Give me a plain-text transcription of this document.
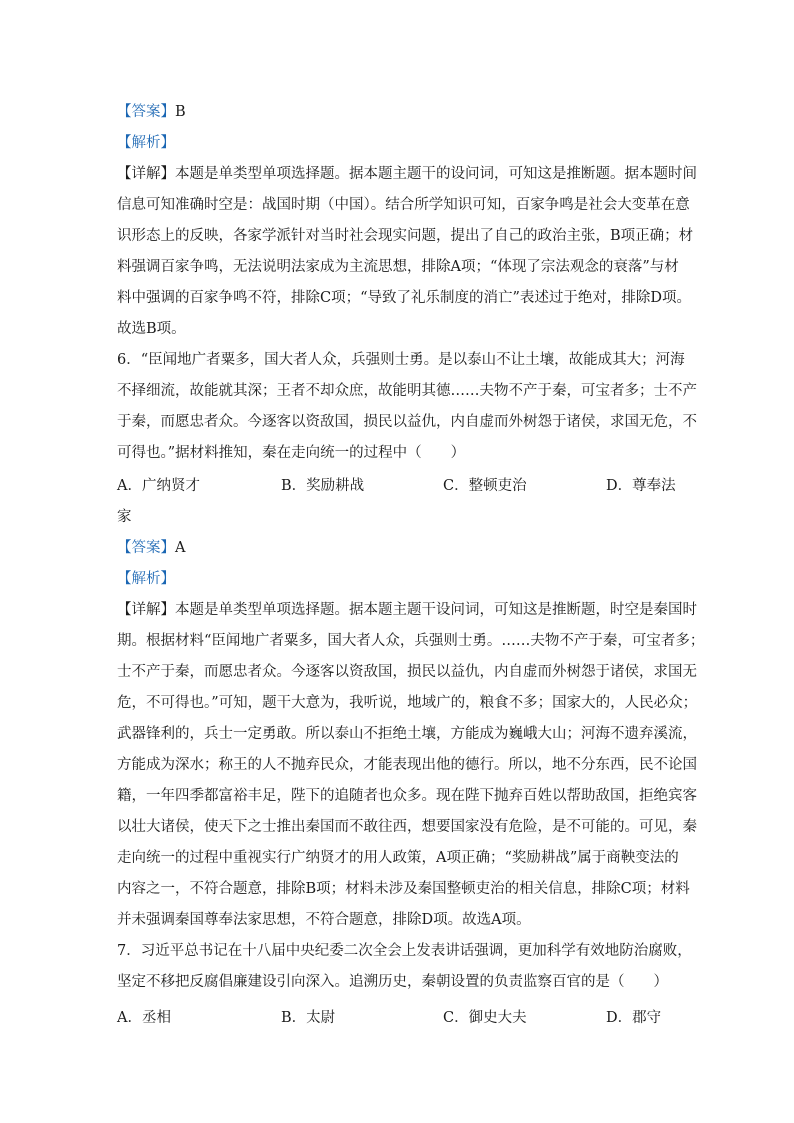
【答案】B
【解析】
【详解】本题是单类型单项选择题。据本题主题干的设问词，可知这是推断题。据本题时间
信息可知准确时空是：战国时期（中国）。结合所学知识可知，百家争鸣是社会大变革在意
识形态上的反映，各家学派针对当时社会现实问题，提出了自己的政治主张，B项正确；材
料强调百家争鸣，无法说明法家成为主流思想，排除A项；“体现了宗法观念的衰落”与材
料中强调的百家争鸣不符，排除C项；“导致了礼乐制度的消亡”表述过于绝对，排除D项。
故选B项。
6．“臣闻地广者粟多，国大者人众，兵强则士勇。是以泰山不让土壤，故能成其大；河海
不择细流，故能就其深；王者不却众庶，故能明其德……夫物不产于秦，可宝者多；士不产
于秦，而愿忠者众。今逐客以资敌国，损民以益仇，内自虚而外树怨于诸侯，求国无危，不
可得也。”据材料推知，秦在走向统一的过程中（　　）
A．广纳贤才	B．奖励耕战	C．整顿吏治	D．尊奉法
家
【答案】A
【解析】
【详解】本题是单类型单项选择题。据本题主题干设问词，可知这是推断题，时空是秦国时
期。根据材料“臣闻地广者粟多，国大者人众，兵强则士勇。……夫物不产于秦，可宝者多；
士不产于秦，而愿忠者众。今逐客以资敌国，损民以益仇，内自虚而外树怨于诸侯，求国无
危，不可得也。”可知，题干大意为，我听说，地域广的，粮食不多；国家大的，人民必众；
武器锋利的，兵士一定勇敢。所以泰山不拒绝土壤，方能成为巍峨大山；河海不遗弃溪流，
方能成为深水；称王的人不抛弃民众，才能表现出他的德行。所以，地不分东西，民不论国
籍，一年四季都富裕丰足，陛下的追随者也众多。现在陛下抛弃百姓以帮助敌国，拒绝宾客
以壮大诸侯，使天下之士推出秦国而不敢往西，想要国家没有危险，是不可能的。可见，秦
走向统一的过程中重视实行广纳贤才的用人政策，A项正确；“奖励耕战”属于商鞅变法的
内容之一，不符合题意，排除B项；材料未涉及秦国整顿吏治的相关信息，排除C项；材料
并未强调秦国尊奉法家思想，不符合题意，排除D项。故选A项。
7．习近平总书记在十八届中央纪委二次全会上发表讲话强调，更加科学有效地防治腐败，
坚定不移把反腐倡廉建设引向深入。追溯历史，秦朝设置的负责监察百官的是（　　）
A．丞相	B．太尉	C．御史大夫	D．郡守
